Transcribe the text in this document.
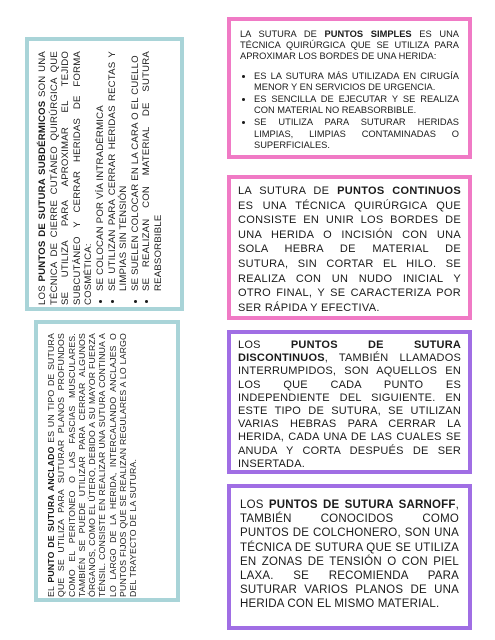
LOS PUNTOS DE SUTURA SUBDÉRMICOS SON UNA TÉCNICA DE CIERRE CUTÁNEO QUIRÚRGICA QUE SE UTILIZA PARA APROXIMAR EL TEJIDO SUBCUTÁNEO Y CERRAR HERIDAS DE FORMA COSMÉTICA: • SE COLOCAN POR VÍA INTRADÉRMICA • SE UTILIZAN PARA CERRAR HERIDAS RECTAS Y LIMPIAS SIN TENSIÓN • SE SUELEN COLOCAR EN LA CARA O EL CUELLO • SE REALIZAN CON MATERIAL DE SUTURA REABSORBIBLE
EL PUNTO DE SUTURA ANCLADO ES UN TIPO DE SUTURA QUE SE UTILIZA PARA SUTURAR PLANOS PROFUNDOS COMO EL PERITONEO O LAS FASCIAS MUSCULARES. TAMBIÉN SE PUEDE UTILIZAR PARA CERRAR ALGUNOS ÓRGANOS, COMO EL ÚTERO, DEBIDO A SU MAYOR FUERZA TÉNSIL. CONSISTE EN REALIZAR UNA SUTURA CONTINUA A LO LARGO DE LA HERIDA, INTERCALANDO ANCLAJES O PUNTOS FIJOS QUE SE REALIZAN REGULARES A LO LARGO DEL TRAYECTO DE LA SUTURA.
LA SUTURA DE PUNTOS SIMPLES ES UNA TÉCNICA QUIRÚRGICA QUE SE UTILIZA PARA APROXIMAR LOS BORDES DE UNA HERIDA:
• ES LA SUTURA MÁS UTILIZADA EN CIRUGÍA MENOR Y EN SERVICIOS DE URGENCIA.
• ES SENCILLA DE EJECUTAR Y SE REALIZA CON MATERIAL NO REABSORBIBLE.
• SE UTILIZA PARA SUTURAR HERIDAS LIMPIAS, LIMPIAS CONTAMINADAS O SUPERFICIALES.
LA SUTURA DE PUNTOS CONTINUOS ES UNA TÉCNICA QUIRÚRGICA QUE CONSISTE EN UNIR LOS BORDES DE UNA HERIDA O INCISIÓN CON UNA SOLA HEBRA DE MATERIAL DE SUTURA, SIN CORTAR EL HILO. SE REALIZA CON UN NUDO INICIAL Y OTRO FINAL, Y SE CARACTERIZA POR SER RÁPIDA Y EFECTIVA.
LOS PUNTOS DE SUTURA DISCONTINUOS, TAMBIÉN LLAMADOS INTERRUMPIDOS, SON AQUELLOS EN LOS QUE CADA PUNTO ES INDEPENDIENTE DEL SIGUIENTE. EN ESTE TIPO DE SUTURA, SE UTILIZAN VARIAS HEBRAS PARA CERRAR LA HERIDA, CADA UNA DE LAS CUALES SE ANUDA Y CORTA DESPUÉS DE SER INSERTADA.
LOS PUNTOS DE SUTURA SARNOFF, TAMBIÉN CONOCIDOS COMO PUNTOS DE COLCHONERO, SON UNA TÉCNICA DE SUTURA QUE SE UTILIZA EN ZONAS DE TENSIÓN O CON PIEL LAXA. SE RECOMIENDA PARA SUTURAR VARIOS PLANOS DE UNA HERIDA CON EL MISMO MATERIAL.
